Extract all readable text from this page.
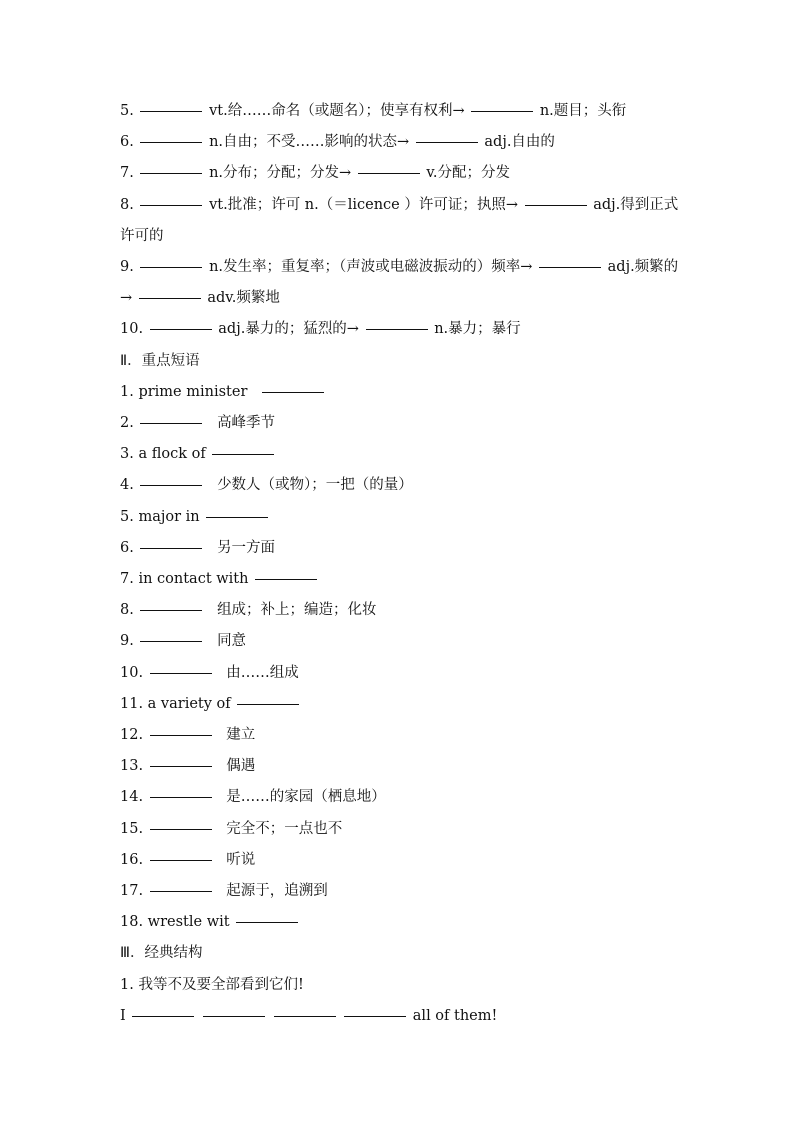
5.	vt.给……命名（或题名）；使享有权利→	n.题目；头衔
6.	n.自由；不受……影响的状态→	adj.自由的
7.	n.分布；分配；分发→	v.分配；分发
8.	vt.批准；许可 n.（＝licence ）许可证；执照→	adj.得到正式许可的
9.	n.发生率；重复率；（声波或电磁波振动的）频率→	adj.频繁的→	adv.频繁地
10.	adj.暴力的；猛烈的→	n.暴力；暴行
Ⅱ．重点短语
1. prime minister
2.	高峰季节
3. a flock of
4.	少数人（或物）；一把（的量）
5. major in
6.	另一方面
7. in contact with
8.	组成；补上；编造；化妆
9.	同意
10.	由……组成
11. a variety of
12.	建立
13.	偶遇
14.	是……的家园（栖息地）
15.	完全不；一点也不
16.	听说
17.	起源于，追溯到
18. wrestle wit
Ⅲ．经典结构
1. 我等不及要全部看到它们!
I	all of them!
